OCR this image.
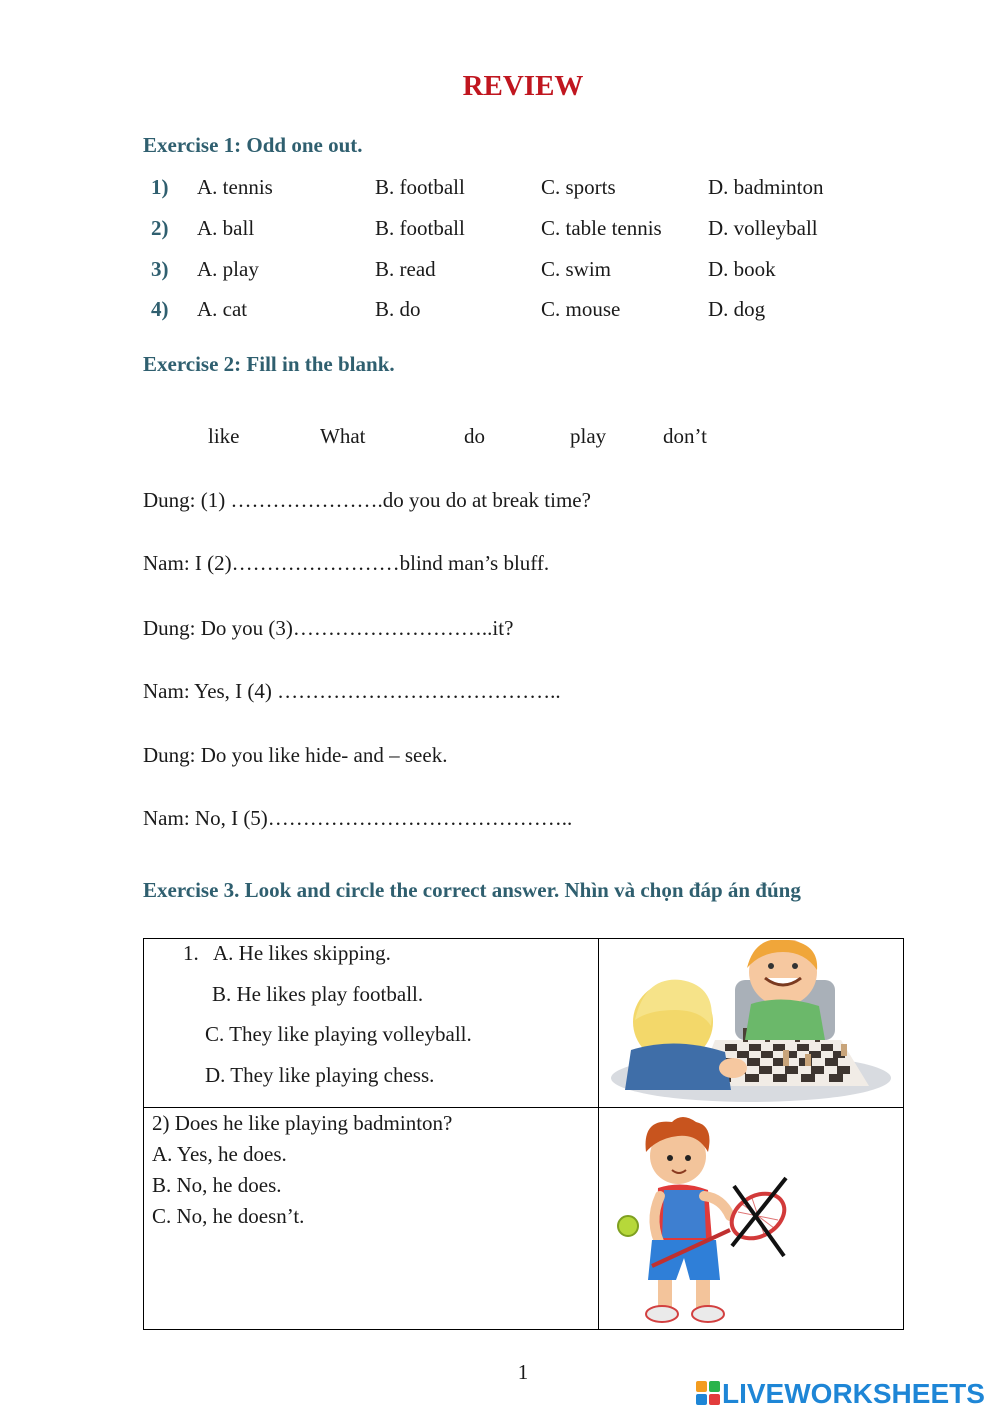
REVIEW
Exercise 1: Odd one out.
1) A. tennis	B. football	C. sports	D. badminton
2) A. ball	B. football	C. table tennis D. volleyball
3) A. play	B. read	C. swim	D. book
4) A. cat	B. do	C. mouse	D. dog
Exercise 2: Fill in the blank.
like	What	do	play	don’t
Dung: (1) ………………….do you do at break time?
Nam: I (2)……………………blind man’s bluff.
Dung: Do you (3)………………………..it?
Nam: Yes, I (4) …………………………………..
Dung: Do you like hide- and – seek.
Nam: No, I (5)……………………………………..
Exercise 3. Look and circle the correct answer. Nhìn và chọn đáp án đúng
1. A. He likes skipping.
B. He likes play football.
C. They like playing volleyball.
D. They like playing chess.
2) Does he like playing badminton?
A. Yes, he does.
B. No, he does.
C. No, he doesn’t.
1
LIVEWORKSHEETS
